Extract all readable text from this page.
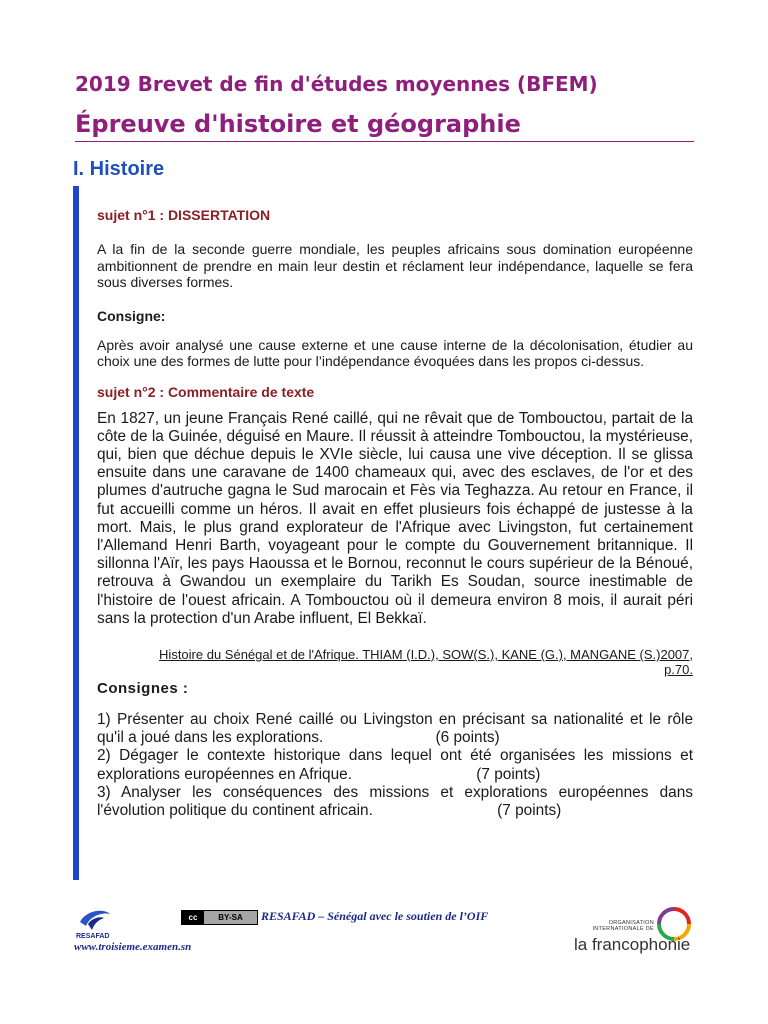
2019 Brevet de fin d'études moyennes (BFEM)
Épreuve d'histoire et géographie
I. Histoire

sujet n°1 : DISSERTATION

A la fin de la seconde guerre mondiale, les peuples africains sous domination européenne ambitionnent de prendre en main leur destin et réclament leur indépendance, laquelle se fera sous diverses formes.

Consigne:

Après avoir analysé une cause externe et une cause interne de la décolonisation, étudier au choix une des formes de lutte pour l’indépendance évoquées dans les propos ci-dessus.

sujet n°2 : Commentaire de texte

En 1827, un jeune Français René caillé, qui ne rêvait que de Tombouctou, partait de la côte de la Guinée, déguisé en Maure. Il réussit à atteindre Tombouctou, la mystérieuse, qui, bien que déchue depuis le XVIe siècle, lui causa une vive déception. Il se glissa ensuite dans une caravane de 1400 chameaux qui, avec des esclaves, de l'or et des plumes d'autruche gagna le Sud marocain et Fès via Teghazza. Au retour en France, il fut accueilli comme un héros. Il avait en effet plusieurs fois échappé de justesse à la mort. Mais, le plus grand explorateur de l'Afrique avec Livingston, fut certainement l'Allemand Henri Barth, voyageant pour le compte du Gouvernement britannique. Il sillonna l'Aïr, les pays Haoussa et le Bornou, reconnut le cours supérieur de la Bénoué, retrouva à Gwandou un exemplaire du Tarikh Es Soudan, source inestimable de l'histoire de l'ouest africain. A Tombouctou où il demeura environ 8 mois, il aurait péri sans la protection d'un Arabe influent, El Bekkaï.

Histoire du Sénégal et de l'Afrique. THIAM (I.D.), SOW(S.), KANE (G.), MANGANE (S.)2007,
p.70.

Consignes :

1) Présenter au choix René caillé ou Livingston en précisant sa nationalité et le rôle qu'il a joué dans les explorations.	(6 points)
2) Dégager le contexte historique dans lequel ont été organisées les missions et explorations européennes en Afrique.	(7 points)
3) Analyser les conséquences des missions et explorations européennes dans l'évolution politique du continent africain.	(7 points)
RESAFAD

www.troisieme.examen.sn

cc	BY-SA	RESAFAD – Sénégal avec le soutien de l’OIF	ORGANISATION INTERNATIONALE DE

la francophonie
